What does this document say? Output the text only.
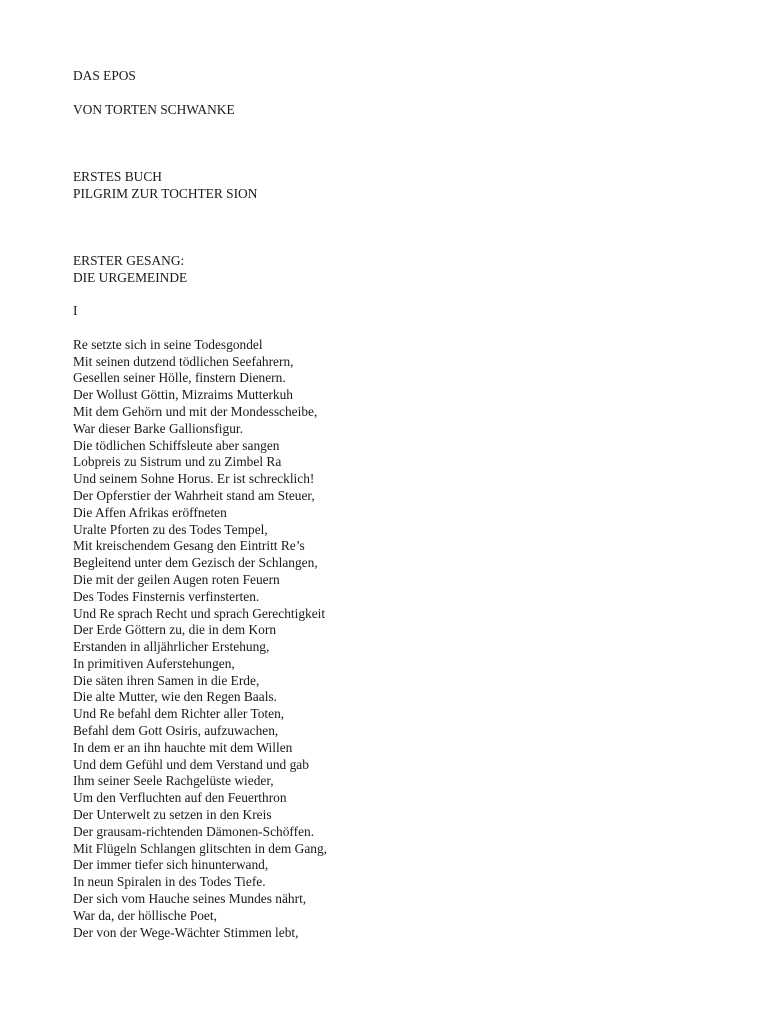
DAS EPOS
VON TORTEN SCHWANKE
ERSTES BUCH
PILGRIM ZUR TOCHTER SION
ERSTER GESANG:
DIE URGEMEINDE
I
Re setzte sich in seine Todesgondel
Mit seinen dutzend tödlichen Seefahrern,
Gesellen seiner Hölle, finstern Dienern.
Der Wollust Göttin, Mizraims Mutterkuh
Mit dem Gehörn und mit der Mondesscheibe,
War dieser Barke Gallionsfigur.
Die tödlichen Schiffsleute aber sangen
Lobpreis zu Sistrum und zu Zimbel Ra
Und seinem Sohne Horus. Er ist schrecklich!
Der Opferstier der Wahrheit stand am Steuer,
Die Affen Afrikas eröffneten
Uralte Pforten zu des Todes Tempel,
Mit kreischendem Gesang den Eintritt Re’s
Begleitend unter dem Gezisch der Schlangen,
Die mit der geilen Augen roten Feuern
Des Todes Finsternis verfinsterten.
Und Re sprach Recht und sprach Gerechtigkeit
Der Erde Göttern zu, die in dem Korn
Erstanden in alljährlicher Erstehung,
In primitiven Auferstehungen,
Die säten ihren Samen in die Erde,
Die alte Mutter, wie den Regen Baals.
Und Re befahl dem Richter aller Toten,
Befahl dem Gott Osiris, aufzuwachen,
In dem er an ihn hauchte mit dem Willen
Und dem Gefühl und dem Verstand und gab
Ihm seiner Seele Rachgelüste wieder,
Um den Verfluchten auf den Feuerthron
Der Unterwelt zu setzen in den Kreis
Der grausam-richtenden Dämonen-Schöffen.
Mit Flügeln Schlangen glitschten in dem Gang,
Der immer tiefer sich hinunterwand,
In neun Spiralen in des Todes Tiefe.
Der sich vom Hauche seines Mundes nährt,
War da, der höllische Poet,
Der von der Wege-Wächter Stimmen lebt,
